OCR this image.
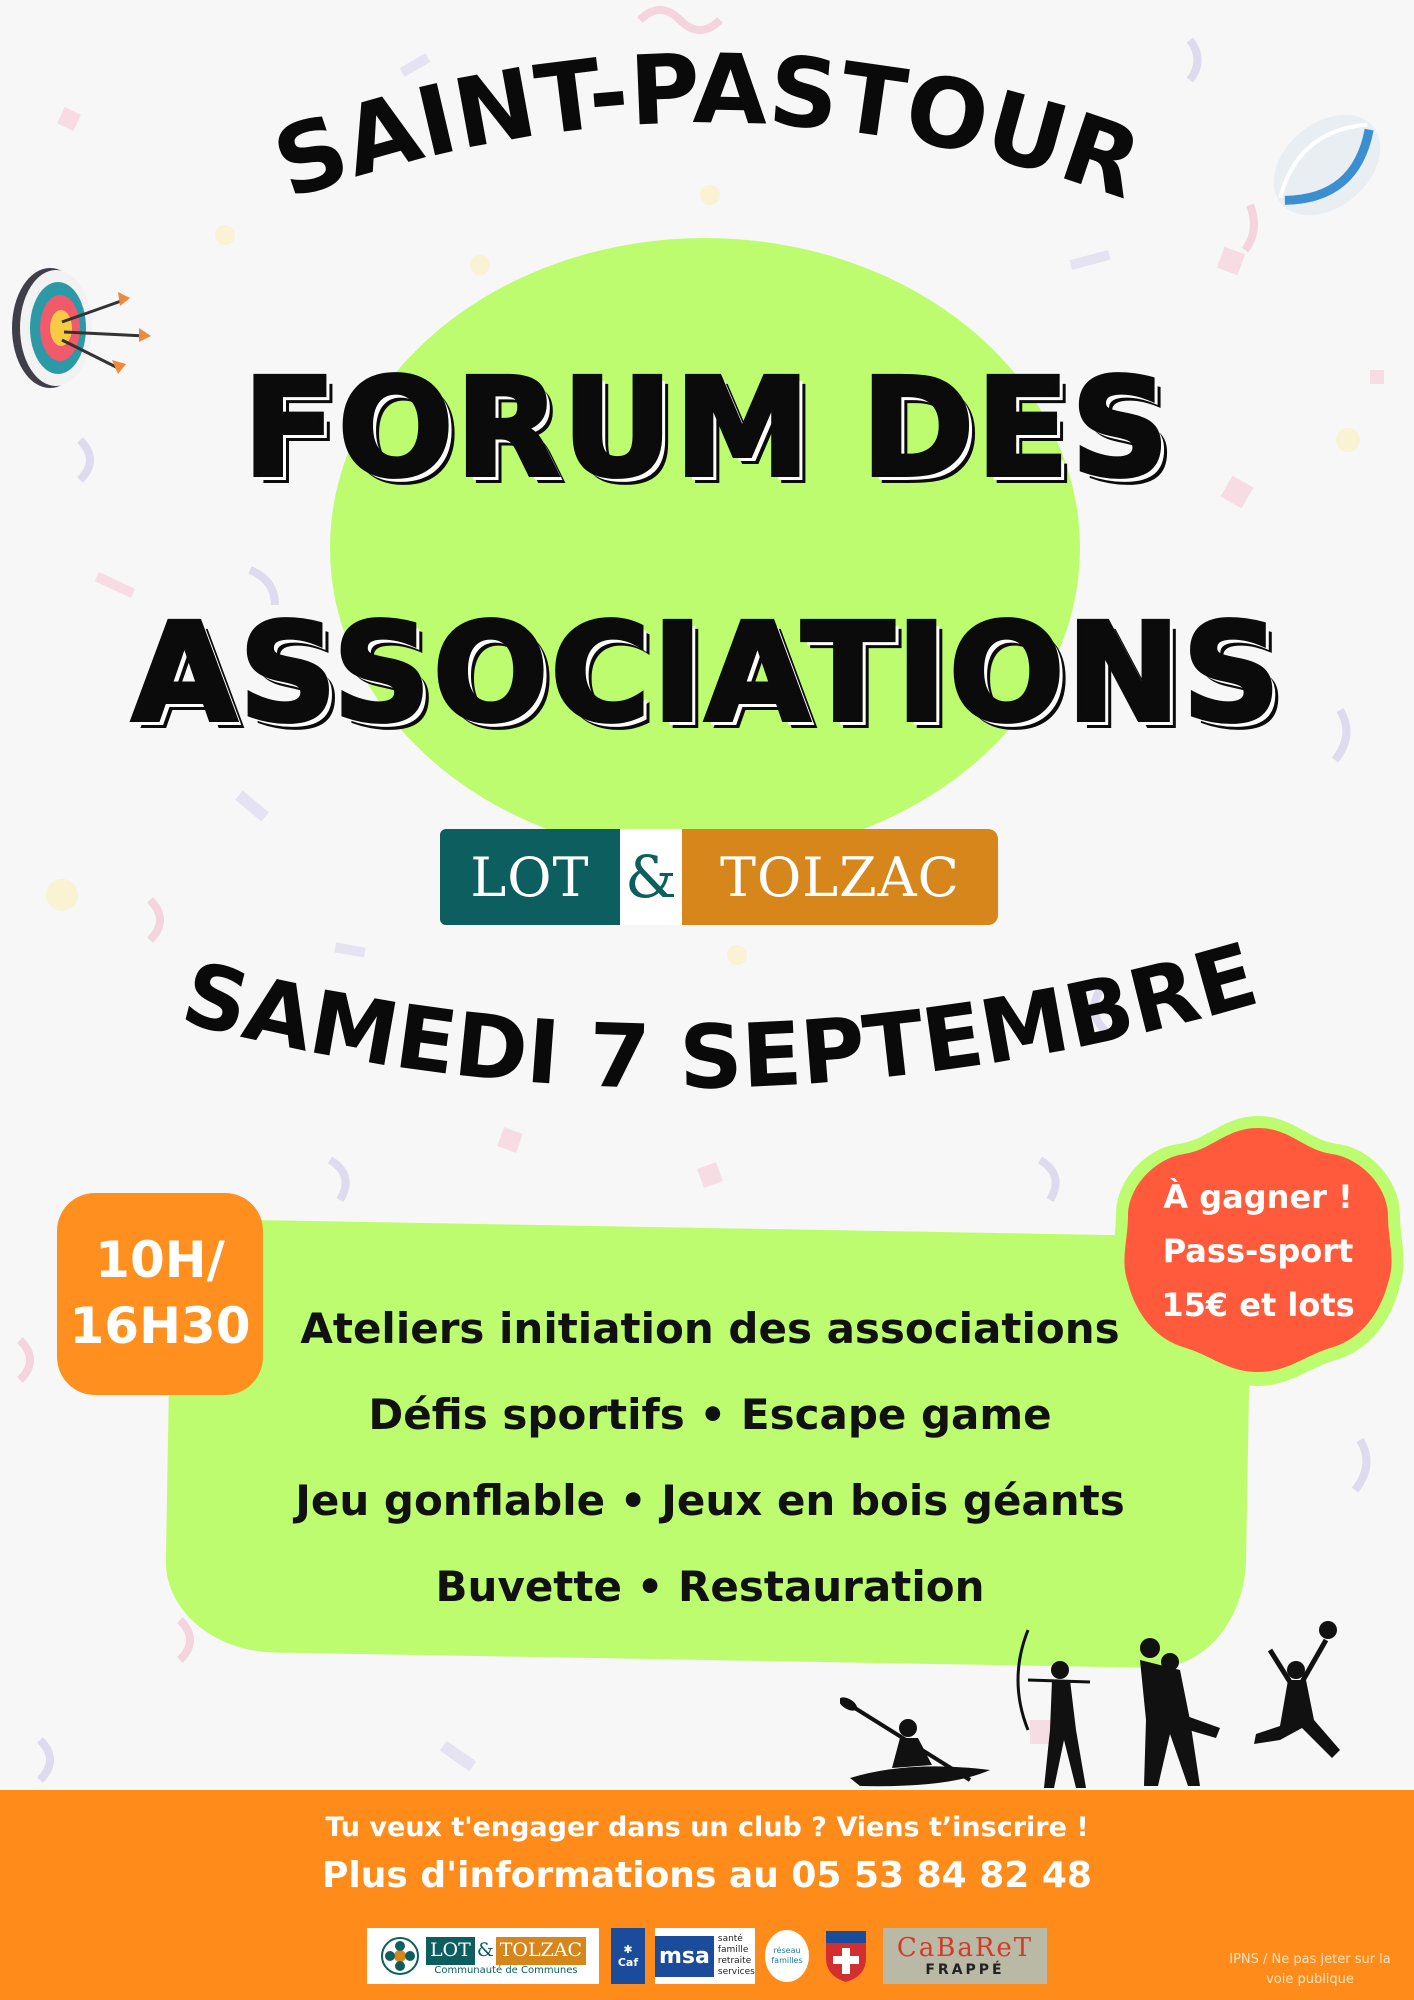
SAINT-PASTOUR
SAMEDI 7 SEPTEMBRE
FORUM DES
ASSOCIATIONS
LOT & TOLZAC
Ateliers initiation des associations
Défis sportifs • Escape game
Jeu gonflable • Jeux en bois géants
Buvette • Restauration
10H/
16H30
À gagner !
Pass-sport
15€ et lots
Tu veux t'engager dans un club ? Viens t’inscrire !
Plus d'informations au 05 53 84 82 48
IPNS / Ne pas jeter sur la voie publique
LOT & TOLZAC
Communauté de Communes
✱
Caf msa
santé famille retraite services
réseau familles	CaBaReT
FRAPPÉ
